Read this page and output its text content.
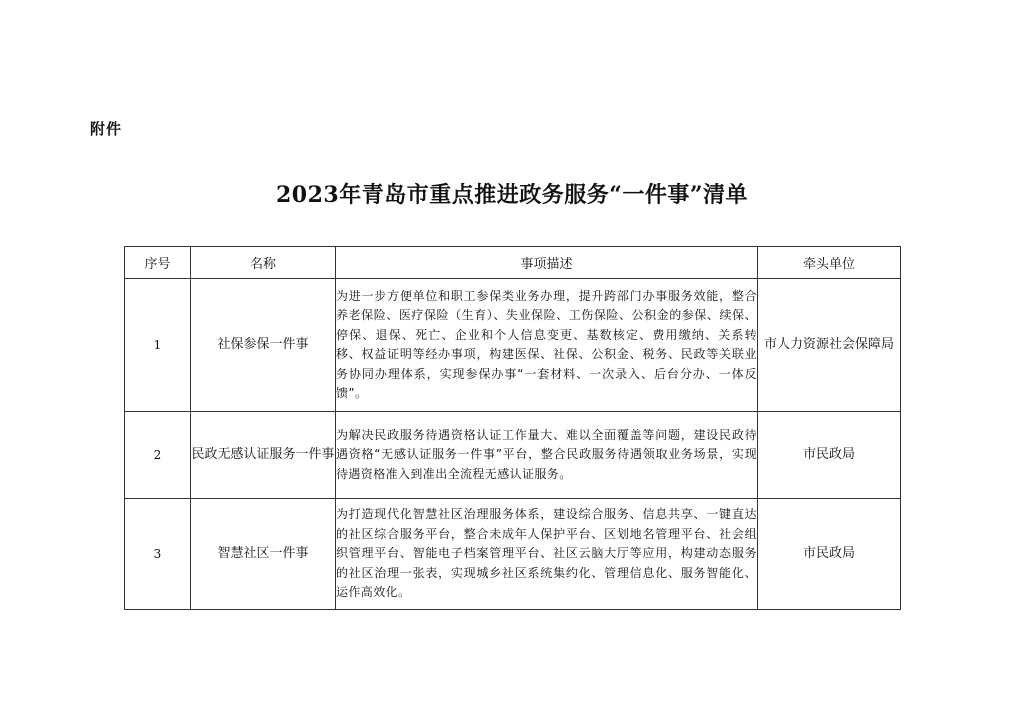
附件
2023年青岛市重点推进政务服务“一件事”清单
序号	名称	事项描述	牵头单位
1	社保参保一件事	为进一步方便单位和职工参保类业务办理，提升跨部门办事服务效能，整合养老保险、医疗保险（生育）、失业保险、工伤保险、公积金的参保、续保、停保、退保、死亡、企业和个人信息变更、基数核定、费用缴纳、关系转移、权益证明等经办事项，构建医保、社保、公积金、税务、民政等关联业务协同办理体系，实现参保办事“一套材料、一次录入、后台分办、一体反馈”。	市人力资源社会保障局
2	民政无感认证服务一件事	为解决民政服务待遇资格认证工作量大、难以全面覆盖等问题，建设民政待遇资格“无感认证服务一件事”平台，整合民政服务待遇领取业务场景，实现待遇资格准入到准出全流程无感认证服务。	市民政局
3	智慧社区一件事	为打造现代化智慧社区治理服务体系，建设综合服务、信息共享、一键直达的社区综合服务平台，整合未成年人保护平台、区划地名管理平台、社会组织管理平台、智能电子档案管理平台、社区云脑大厅等应用，构建动态服务的社区治理一张表，实现城乡社区系统集约化、管理信息化、服务智能化、运作高效化。	市民政局
